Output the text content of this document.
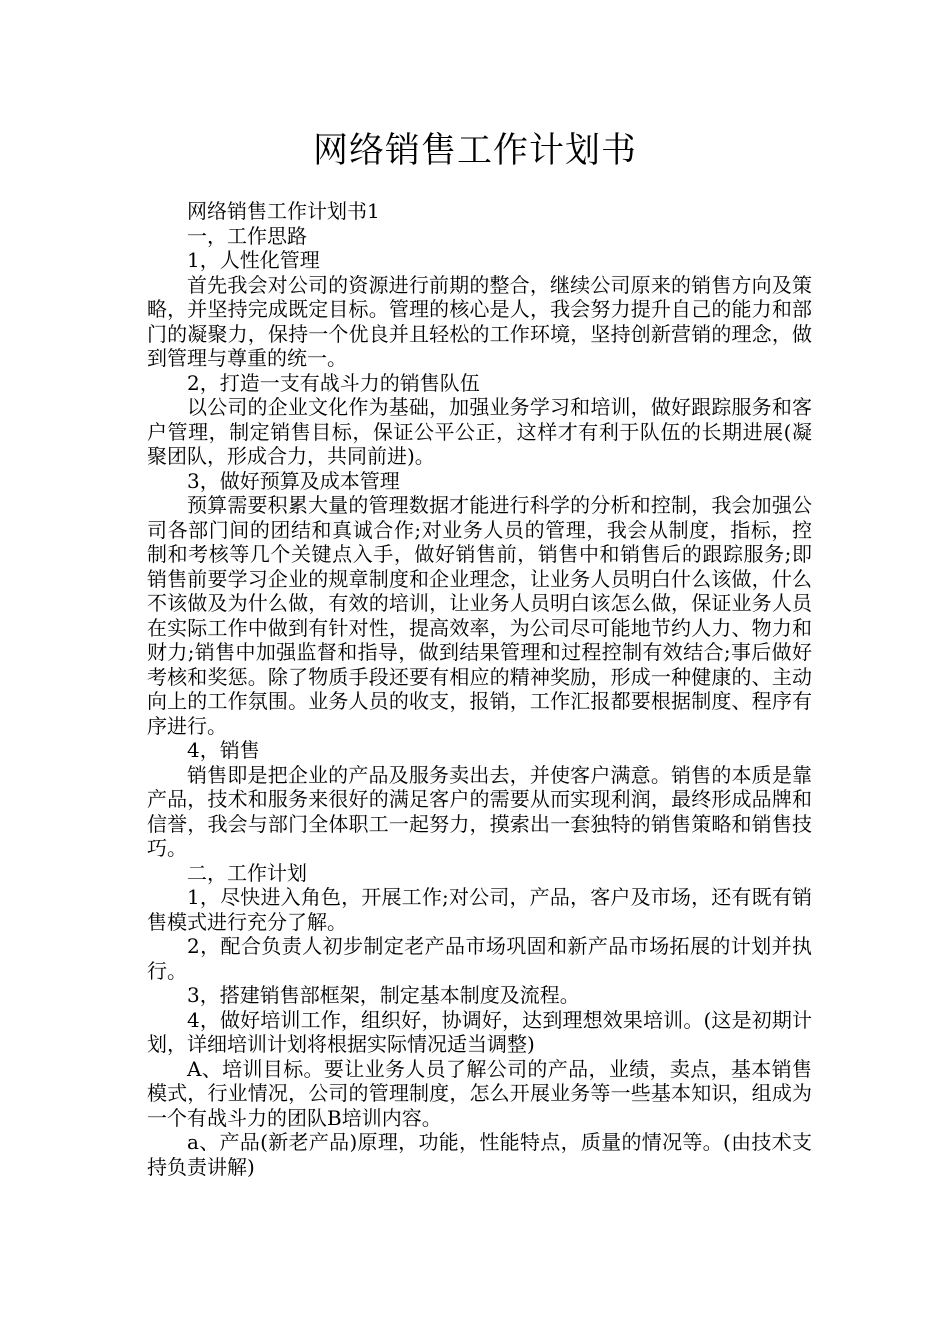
网络销售工作计划书

网络销售工作计划书1

一，工作思路

1，人性化管理

首先我会对公司的资源进行前期的整合，继续公司原来的销售方向及策略，并坚持完成既定目标。管理的核心是人，我会努力提升自己的能力和部门的凝聚力，保持一个优良并且轻松的工作环境，坚持创新营销的理念，做到管理与尊重的统一。

2，打造一支有战斗力的销售队伍

以公司的企业文化作为基础，加强业务学习和培训，做好跟踪服务和客户管理，制定销售目标，保证公平公正，这样才有利于队伍的长期进展(凝聚团队，形成合力，共同前进)。

3，做好预算及成本管理

预算需要积累大量的管理数据才能进行科学的分析和控制，我会加强公司各部门间的团结和真诚合作;对业务人员的管理，我会从制度，指标，控制和考核等几个关键点入手，做好销售前，销售中和销售后的跟踪服务;即销售前要学习企业的规章制度和企业理念，让业务人员明白什么该做，什么不该做及为什么做，有效的培训，让业务人员明白该怎么做，保证业务人员在实际工作中做到有针对性，提高效率，为公司尽可能地节约人力、物力和财力;销售中加强监督和指导，做到结果管理和过程控制有效结合;事后做好考核和奖惩。除了物质手段还要有相应的精神奖励，形成一种健康的、主动向上的工作氛围。业务人员的收支，报销，工作汇报都要根据制度、程序有序进行。

4，销售

销售即是把企业的产品及服务卖出去，并使客户满意。销售的本质是靠产品，技术和服务来很好的满足客户的需要从而实现利润，最终形成品牌和信誉，我会与部门全体职工一起努力，摸索出一套独特的销售策略和销售技巧。

二，工作计划

1，尽快进入角色，开展工作;对公司，产品，客户及市场，还有既有销售模式进行充分了解。

2，配合负责人初步制定老产品市场巩固和新产品市场拓展的计划并执行。

3，搭建销售部框架，制定基本制度及流程。

4，做好培训工作，组织好，协调好，达到理想效果培训。(这是初期计划，详细培训计划将根据实际情况适当调整)

A、培训目标。要让业务人员了解公司的产品，业绩，卖点，基本销售模式，行业情况，公司的管理制度，怎么开展业务等一些基本知识，组成为一个有战斗力的团队B培训内容。

a、产品(新老产品)原理，功能，性能特点，质量的情况等。(由技术支持负责讲解)
